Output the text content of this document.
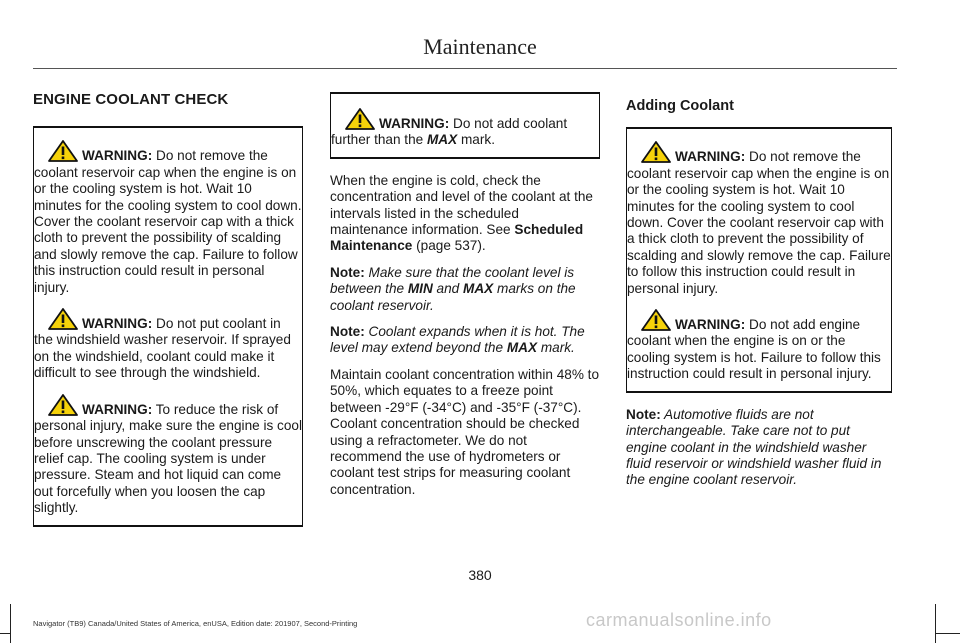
Maintenance
ENGINE COOLANT CHECK

WARNING: Do not remove the coolant reservoir cap when the engine is on or the cooling system is hot. Wait 10 minutes for the cooling system to cool down. Cover the coolant reservoir cap with a thick cloth to prevent the possibility of scalding and slowly remove the cap. Failure to follow this instruction could result in personal injury.

WARNING: Do not put coolant in the windshield washer reservoir. If sprayed on the windshield, coolant could make it difficult to see through the windshield.

WARNING: To reduce the risk of personal injury, make sure the engine is cool before unscrewing the coolant pressure relief cap. The cooling system is under pressure. Steam and hot liquid can come out forcefully when you loosen the cap slightly.

WARNING: Do not add coolant further than the MAX mark.

When the engine is cold, check the concentration and level of the coolant at the intervals listed in the scheduled maintenance information. See Scheduled Maintenance (page 537).

Note: Make sure that the coolant level is between the MIN and MAX marks on the coolant reservoir.

Note: Coolant expands when it is hot. The level may extend beyond the MAX mark.

Maintain coolant concentration within 48% to 50%, which equates to a freeze point between -29°F (-34°C) and -35°F (-37°C). Coolant concentration should be checked using a refractometer. We do not recommend the use of hydrometers or coolant test strips for measuring coolant concentration.

Adding Coolant

WARNING: Do not remove the coolant reservoir cap when the engine is on or the cooling system is hot. Wait 10 minutes for the cooling system to cool down. Cover the coolant reservoir cap with a thick cloth to prevent the possibility of scalding and slowly remove the cap. Failure to follow this instruction could result in personal injury.

WARNING: Do not add engine coolant when the engine is on or the cooling system is hot. Failure to follow this instruction could result in personal injury.

Note: Automotive fluids are not interchangeable. Take care not to put engine coolant in the windshield washer fluid reservoir or windshield washer fluid in the engine coolant reservoir.

380
Navigator (TB9) Canada/United States of America, enUSA, Edition date: 201907, Second-Printing	carmanualsonline.info
